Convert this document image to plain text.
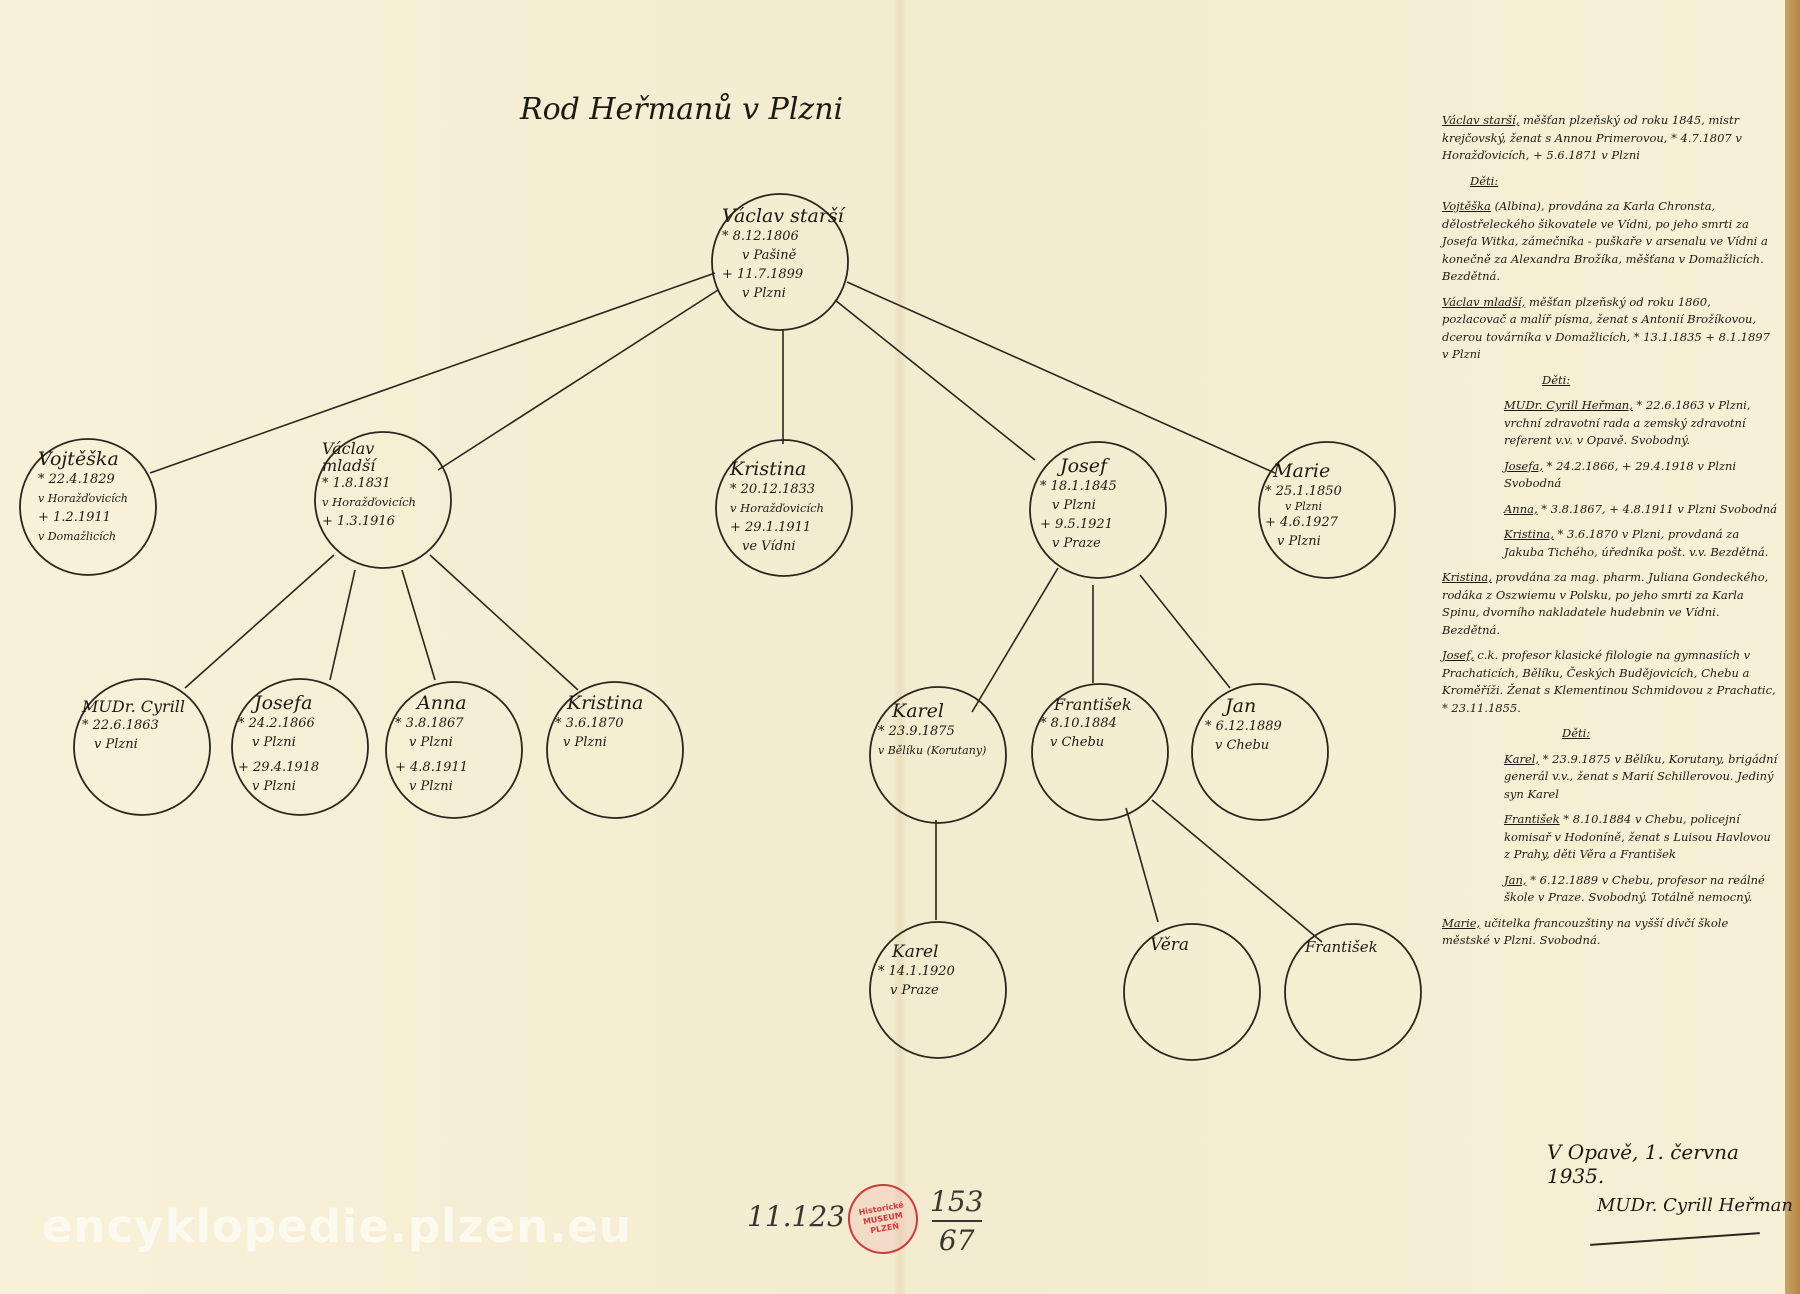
Rod Heřmanů v Plzni
Václav starší
* 8.12.1806
v Pašině
+ 11.7.1899
v Plzni
Vojtěška
* 22.4.1829
v Horažďovicích
+ 1.2.1911
v Domažlicích
Václav mladší
* 1.8.1831
v Horažďovicích
+ 1.3.1916
Kristina
* 20.12.1833
v Horažďovicích
+ 29.1.1911
ve Vídni
Josef
* 18.1.1845
v Plzni
+ 9.5.1921
v Praze
Marie
* 25.1.1850
v Plzni
+ 4.6.1927
v Plzni
MUDr. Cyrill
* 22.6.1863
v Plzni
Josefa
* 24.2.1866
v Plzni
+ 29.4.1918
v Plzni
Anna
* 3.8.1867
v Plzni
+ 4.8.1911
v Plzni
Kristina
* 3.6.1870
v Plzni
Karel
* 23.9.1875
v Bělíku (Korutany)
František
* 8.10.1884
v Chebu
Jan
* 6.12.1889
v Chebu
Karel
* 14.1.1920
v Praze
Věra	František

Václav starší, měšťan plzeňský od roku 1845, mistr krejčovský, ženat s Annou Primerovou, * 4.7.1807 v Horažďovicích, + 5.6.1871 v Plzni

Děti:

Vojtěška (Albina), provdána za Karla Chronsta, dělostřeleckého šikovatele ve Vídni, po jeho smrti za Josefa Witka, zámečníka - puškaře v arsenalu ve Vídni a konečně za Alexandra Brožíka, měšťana v Domažlicích. Bezdětná.

Václav mladší, měšťan plzeňský od roku 1860, pozlacovač a malíř písma, ženat s Antonií Brožíkovou, dcerou továrníka v Domažlicích, * 13.1.1835 + 8.1.1897 v Plzni

Děti:

MUDr. Cyrill Heřman, * 22.6.1863 v Plzni, vrchní zdravotní rada a zemský zdravotní referent v.v. v Opavě. Svobodný.

Josefa, * 24.2.1866, + 29.4.1918 v Plzni Svobodná

Anna, * 3.8.1867, + 4.8.1911 v Plzni Svobodná

Kristina, * 3.6.1870 v Plzni, provdaná za Jakuba Tichého, úředníka pošt. v.v. Bezdětná.

Kristina, provdána za mag. pharm. Juliana Gondeckého, rodáka z Oszwiemu v Polsku, po jeho smrti za Karla Spinu, dvorního nakladatele hudebnin ve Vídni. Bezdětná.

Josef, c.k. profesor klasické filologie na gymnasiích v Prachaticích, Bělíku, Českých Budějovicích, Chebu a Kroměříži. Ženat s Klementinou Schmidovou z Prachatic, * 23.11.1855.

Děti:

Karel, * 23.9.1875 v Bělíku, Korutany, brigádní generál v.v., ženat s Marií Schillerovou. Jediný syn Karel

František * 8.10.1884 v Chebu, policejní komisař v Hodoníně, ženat s Luisou Havlovou z Prahy, děti Věra a František

Jan, * 6.12.1889 v Chebu, profesor na reálné škole v Praze. Svobodný. Totálně nemocný.

Marie, učitelka francouzštiny na vyšší dívčí škole městské v Plzni. Svobodná.

V Opavě, 1. června 1935.
MUDr. Cyrill Heřman
11.123	Historické MUSEUM PLZEŇ
153
67
encyklopedie.plzen.eu
